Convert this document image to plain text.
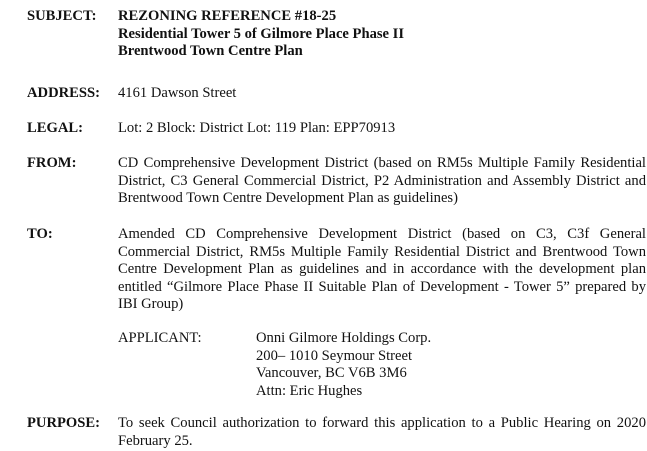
SUBJECT: REZONING REFERENCE #18-25
Residential Tower 5 of Gilmore Place Phase II
Brentwood Town Centre Plan
ADDRESS: 4161 Dawson Street
LEGAL: Lot: 2 Block: District Lot: 119 Plan: EPP70913
FROM:	CD Comprehensive Development District (based on RM5s Multiple Family Residential District, C3 General Commercial District, P2 Administration and Assembly District and Brentwood Town Centre Development Plan as guidelines)
TO:	Amended CD Comprehensive Development District (based on C3, C3f General Commercial District, RM5s Multiple Family Residential District and Brentwood Town Centre Development Plan as guidelines and in accordance with the development plan entitled “Gilmore Place Phase II Suitable Plan of Development - Tower 5” prepared by IBI Group)
APPLICANT:	Onni Gilmore Holdings Corp.
200– 1010 Seymour Street
Vancouver, BC V6B 3M6
Attn: Eric Hughes
PURPOSE: To seek Council authorization to forward this application to a Public Hearing on 2020 February 25.
